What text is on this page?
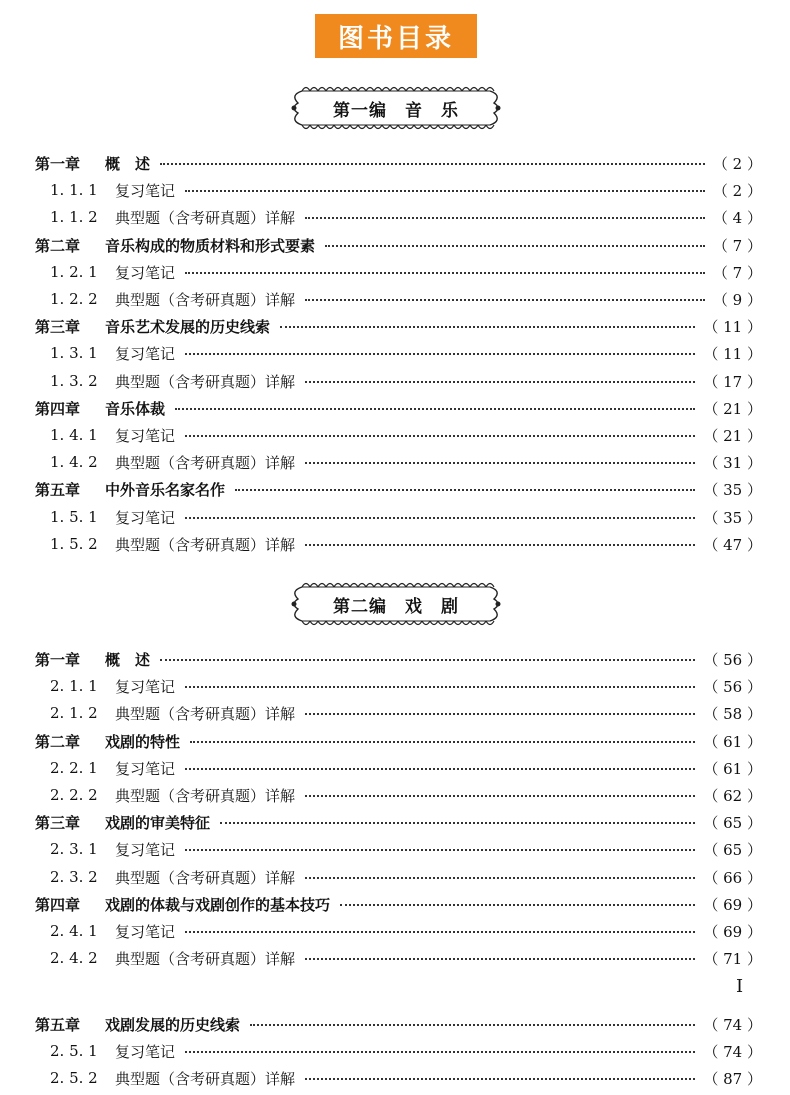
图书目录
第一编　音　乐
第一章	概　述	（ 2 ）
1. 1. 1	复习笔记	（ 2 ）
1. 1. 2	典型题（含考研真题）详解	（ 4 ）
第二章	音乐构成的物质材料和形式要素	（ 7 ）
1. 2. 1	复习笔记	（ 7 ）
1. 2. 2	典型题（含考研真题）详解	（ 9 ）
第三章	音乐艺术发展的历史线索	（ 11 ）
1. 3. 1	复习笔记	（ 11 ）
1. 3. 2	典型题（含考研真题）详解	（ 17 ）
第四章	音乐体裁	（ 21 ）
1. 4. 1	复习笔记	（ 21 ）
1. 4. 2	典型题（含考研真题）详解	（ 31 ）
第五章	中外音乐名家名作	（ 35 ）
1. 5. 1	复习笔记	（ 35 ）
1. 5. 2	典型题（含考研真题）详解	（ 47 ）
第二编　戏　剧
第一章	概　述	（ 56 ）
2. 1. 1	复习笔记	（ 56 ）
2. 1. 2	典型题（含考研真题）详解	（ 58 ）
第二章	戏剧的特性	（ 61 ）
2. 2. 1	复习笔记	（ 61 ）
2. 2. 2	典型题（含考研真题）详解	（ 62 ）
第三章	戏剧的审美特征	（ 65 ）
2. 3. 1	复习笔记	（ 65 ）
2. 3. 2	典型题（含考研真题）详解	（ 66 ）
第四章	戏剧的体裁与戏剧创作的基本技巧	（ 69 ）
2. 4. 1	复习笔记	（ 69 ）
2. 4. 2	典型题（含考研真题）详解	（ 71 ）
第五章	戏剧发展的历史线索	（ 74 ）
2. 5. 1	复习笔记	（ 74 ）
2. 5. 2	典型题（含考研真题）详解	（ 87 ）
I
